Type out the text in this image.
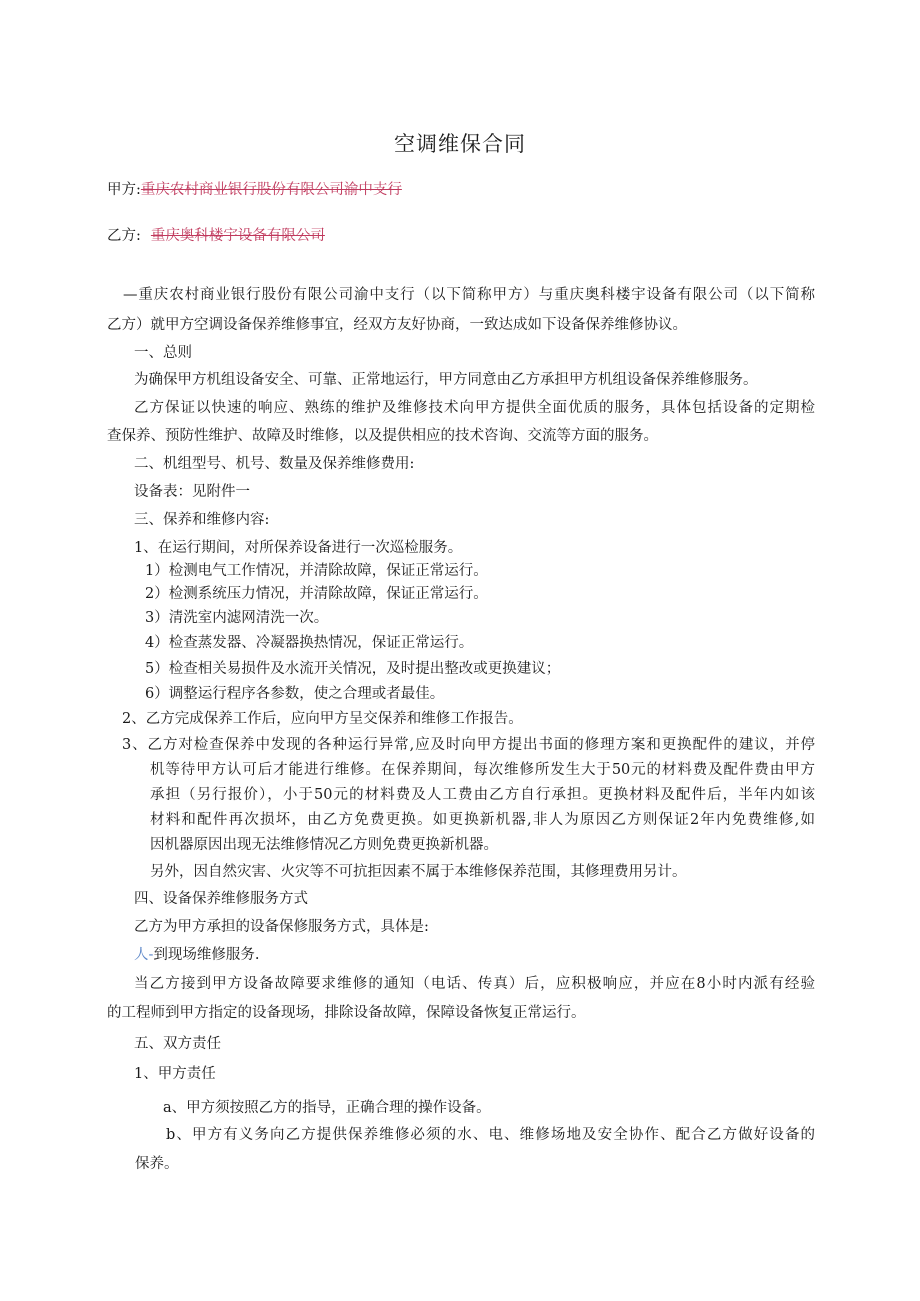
空调维保合同
甲方:重庆农村商业银行股份有限公司渝中支行
乙方: 重庆奥科楼宇设备有限公司
—重庆农村商业银行股份有限公司渝中支行（以下简称甲方）与重庆奥科楼宇设备有限公司（以下简称
乙方）就甲方空调设备保养维修事宜，经双方友好协商，一致达成如下设备保养维修协议。
一、总则
为确保甲方机组设备安全、可靠、正常地运行，甲方同意由乙方承担甲方机组设备保养维修服务。
乙方保证以快速的响应、熟练的维护及维修技术向甲方提供全面优质的服务，具体包括设备的定期检
查保养、预防性维护、故障及时维修，以及提供相应的技术咨询、交流等方面的服务。
二、机组型号、机号、数量及保养维修费用:
设备表：见附件一
三、保养和维修内容:
1、在运行期间，对所保养设备进行一次巡检服务。
1）检测电气工作情况，并清除故障，保证正常运行。
2）检测系统压力情况，并清除故障，保证正常运行。
3）清洗室内滤网清洗一次。
4）检查蒸发器、冷凝器换热情况，保证正常运行。
5）检查相关易损件及水流开关情况，及时提出整改或更换建议；
6）调整运行程序各参数，使之合理或者最佳。
2、乙方完成保养工作后，应向甲方呈交保养和维修工作报告。
3、乙方对检查保养中发现的各种运行异常,应及时向甲方提出书面的修理方案和更换配件的建议，并停
机等待甲方认可后才能进行维修。在保养期间，每次维修所发生大于50元的材料费及配件费由甲方
承担（另行报价），小于50元的材料费及人工费由乙方自行承担。更换材料及配件后，半年内如该
材料和配件再次损坏，由乙方免费更换。如更换新机器,非人为原因乙方则保证2年内免费维修,如
因机器原因出现无法维修情况乙方则免费更换新机器。
另外，因自然灾害、火灾等不可抗拒因素不属于本维修保养范围，其修理费用另计。
四、设备保养维修服务方式
乙方为甲方承担的设备保修服务方式，具体是:
人-到现场维修服务.
当乙方接到甲方设备故障要求维修的通知（电话、传真）后，应积极响应，并应在8小时内派有经验
的工程师到甲方指定的设备现场，排除设备故障，保障设备恢复正常运行。
五、双方责任
1、甲方责任
a、甲方须按照乙方的指导，正确合理的操作设备。
b、甲方有义务向乙方提供保养维修必须的水、电、维修场地及安全协作、配合乙方做好设备的
保养。
